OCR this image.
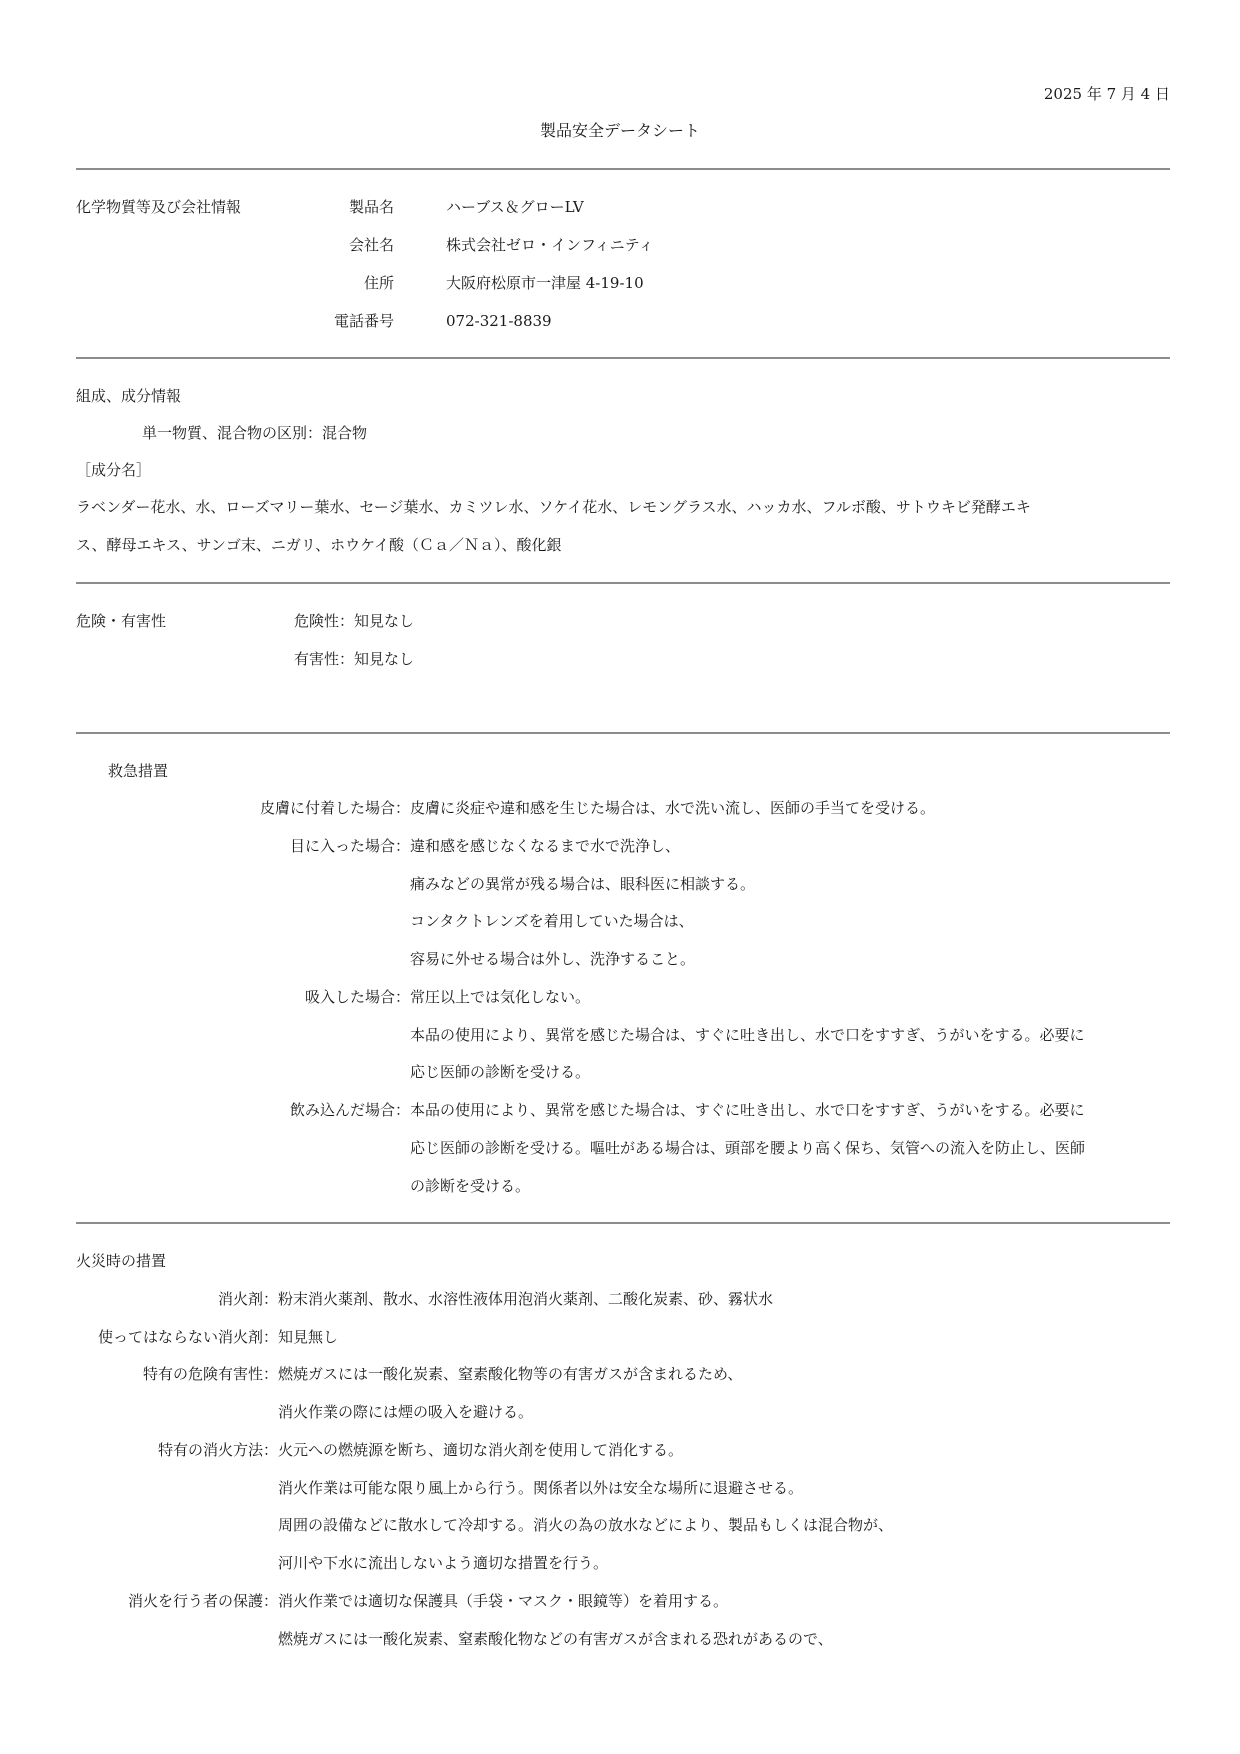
2025 年 7 月 4 日
製品安全データシート
化学物質等及び会社情報	製品名	ハーブス＆グローLV
会社名	株式会社ゼロ・インフィニティ
住所	大阪府松原市一津屋 4-19-10
電話番号	072-321-8839
組成、成分情報
単一物質、混合物の区別：混合物
［成分名］
ラベンダー花水、水、ローズマリー葉水、セージ葉水、カミツレ水、ソケイ花水、レモングラス水、ハッカ水、フルボ酸、サトウキビ発酵エキ
ス、酵母エキス、サンゴ末、ニガリ、ホウケイ酸（Ｃａ／Ｎａ）、酸化銀
危険・有害性	危険性：知見なし
有害性：知見なし
救急措置
皮膚に付着した場合： 皮膚に炎症や違和感を生じた場合は、水で洗い流し、医師の手当てを受ける。
目に入った場合： 違和感を感じなくなるまで水で洗浄し、
痛みなどの異常が残る場合は、眼科医に相談する。
コンタクトレンズを着用していた場合は、
容易に外せる場合は外し、洗浄すること。
吸入した場合： 常圧以上では気化しない。
本品の使用により、異常を感じた場合は、すぐに吐き出し、水で口をすすぎ、うがいをする。必要に
応じ医師の診断を受ける。
飲み込んだ場合： 本品の使用により、異常を感じた場合は、すぐに吐き出し、水で口をすすぎ、うがいをする。必要に
応じ医師の診断を受ける。嘔吐がある場合は、頭部を腰より高く保ち、気管への流入を防止し、医師
の診断を受ける。
火災時の措置
消火剤： 粉末消火薬剤、散水、水溶性液体用泡消火薬剤、二酸化炭素、砂、霧状水
使ってはならない消火剤： 知見無し
特有の危険有害性： 燃焼ガスには一酸化炭素、窒素酸化物等の有害ガスが含まれるため、
消火作業の際には煙の吸入を避ける。
特有の消火方法： 火元への燃焼源を断ち、適切な消火剤を使用して消化する。
消火作業は可能な限り風上から行う。関係者以外は安全な場所に退避させる。
周囲の設備などに散水して冷却する。消火の為の放水などにより、製品もしくは混合物が、
河川や下水に流出しないよう適切な措置を行う。
消火を行う者の保護： 消火作業では適切な保護具（手袋・マスク・眼鏡等）を着用する。
燃焼ガスには一酸化炭素、窒素酸化物などの有害ガスが含まれる恐れがあるので、
